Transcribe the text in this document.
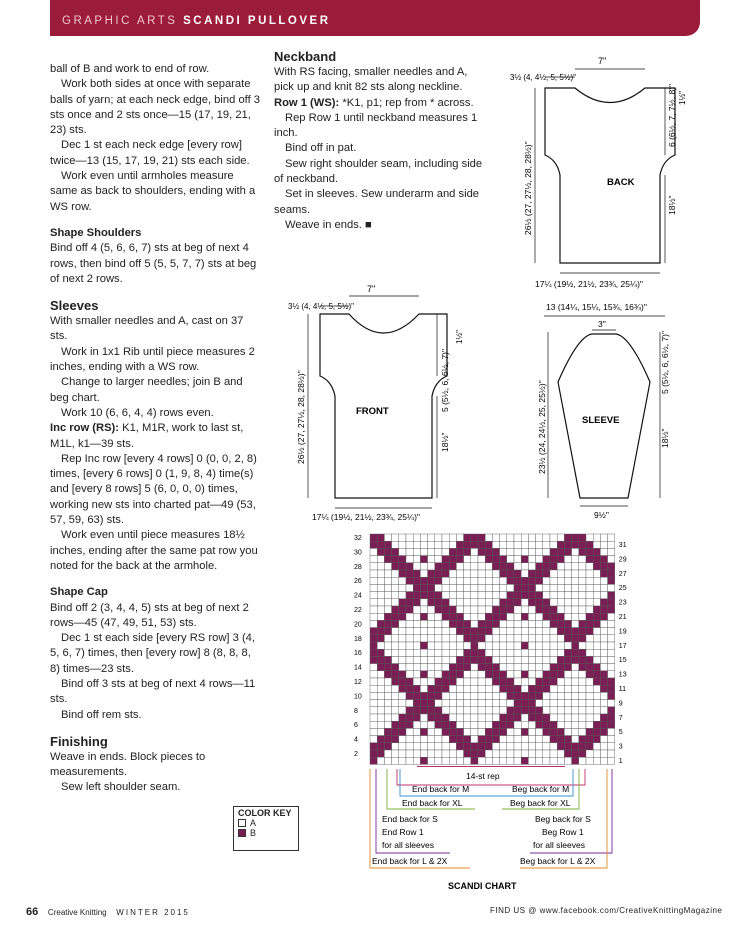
GRAPHIC ARTS SCANDI PULLOVER

ball of B and work to end of row.

Work both sides at once with separate balls of yarn; at each neck edge, bind off 3 sts once and 2 sts once—15 (17, 19, 21, 23) sts.

Dec 1 st each neck edge [every row] twice—13 (15, 17, 19, 21) sts each side.

Work even until armholes measure same as back to shoulders, ending with a WS row.

Shape Shoulders

Bind off 4 (5, 6, 6, 7) sts at beg of next 4 rows, then bind off 5 (5, 5, 7, 7) sts at beg of next 2 rows.

Sleeves

With smaller needles and A, cast on 37 sts.

Work in 1x1 Rib until piece measures 2 inches, ending with a WS row.

Change to larger needles; join B and beg chart.

Work 10 (6, 6, 4, 4) rows even.

Inc row (RS): K1, M1R, work to last st, M1L, k1—39 sts.

Rep Inc row [every 4 rows] 0 (0, 0, 2, 8) times, [every 6 rows] 0 (1, 9, 8, 4) time(s) and [every 8 rows] 5 (6, 0, 0, 0) times, working new sts into charted pat—49 (53, 57, 59, 63) sts.

Work even until piece measures 18½ inches, ending after the same pat row you noted for the back at the armhole.

Shape Cap

Bind off 2 (3, 4, 4, 5) sts at beg of next 2 rows—45 (47, 49, 51, 53) sts.

Dec 1 st each side [every RS row] 3 (4, 5, 6, 7) times, then [every row] 8 (8, 8, 8, 8) times—23 sts.

Bind off 3 sts at beg of next 4 rows—11 sts.

Bind off rem sts.

Finishing

Weave in ends. Block pieces to measurements.

Sew left shoulder seam.

Neckband

With RS facing, smaller needles and A, pick up and knit 82 sts along neckline.

Row 1 (WS): *K1, p1; rep from * across.

Rep Row 1 until neckband measures 1 inch.

Bind off in pat.

Sew right shoulder seam, including side of neckband.

Set in sleeves. Sew underarm and side seams.

Weave in ends. ■

7"
3½ (4, 4½, 5, 5½)"
BACK
26½ (27, 27½, 28, 28½)"
6 (6½, 7, 7½, 8)"
18½"
1½"
17¼ (19½, 21½, 23¾, 25¼)"
7"
3½ (4, 4½, 5, 5½)"
FRONT
26½ (27, 27½, 28, 28½)"	5 (5½, 6, 6½, 7)"
18½"
1½"
17¼ (19½, 21½, 23¾, 25¼)"
13 (14¼, 15¼, 15¾, 16¾)"
3"
SLEEVE
23½ (24, 24½, 25, 25½)"
5 (5½, 6, 6½, 7)"
18½"
9½"
32
30
28
26
24
22
20
18
16
14
12
10
8
6
4
2
31
29
27
25
23
21
19
17
15
13
11
9
7
5
3
1
14-st rep
End back for M	Beg back for M
End back for XL	Beg back for XL
End back for S
End Row 1
for all sleeves
Beg back for S
Beg Row 1
for all sleeves
End back for L & 2X	Beg back for L & 2X
SCANDI CHART
COLOR KEY
A
B
66 Creative Knitting WINTER 2015	FIND US @ www.facebook.com/CreativeKnittingMagazine
